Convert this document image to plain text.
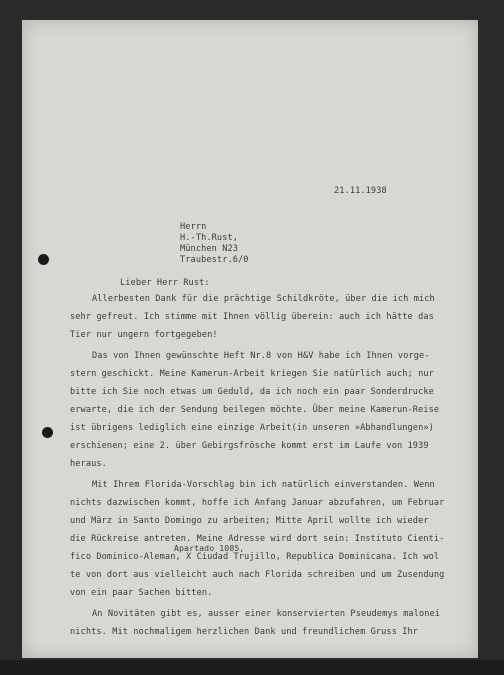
21.11.1938
Herrn
H.-Th.Rust,
München N23
Traubestr.6/0
Lieber Herr Rust:
Allerbesten Dank für die prächtige Schildkröte, über die ich mich
sehr gefreut. Ich stimme mit Ihnen völlig überein: auch ich hätte das
Tier nur ungern fortgegeben!
Das von Ihnen gewünschte Heft Nr.8 von H&V habe ich Ihnen vorge-
stern geschickt. Meine Kamerun-Arbeit kriegen Sie natürlich auch; nur
bitte ich Sie noch etwas um Geduld, da ich noch ein paar Sonderdrucke
erwarte, die ich der Sendung beilegen möchte. Über meine Kamerun-Reise
ist übrigens lediglich eine einzige Arbeit(in unseren »Abhandlungen»)
erschienen; eine 2. über Gebirgsfrösche kommt erst im Laufe von 1939
heraus.
Mit Ihrem Florida-Vorschlag bin ich natürlich einverstanden. Wenn
nichts dazwischen kommt, hoffe ich Anfang Januar abzufahren, um Februar
und März in Santo Domingo zu arbeiten; Mitte April wollte ich wieder
die Rückreise antreten. Meine Adresse wird dort sein: Instituto Cienti-
Apartado 1085,
fico Dominico-Aleman, X Ciudad Trujillo, Republica Dominicana. Ich wol
te von dort aus vielleicht auch nach Florida schreiben und um Zusendung
von ein paar Sachen bitten.
An Novitäten gibt es, ausser einer konservierten Pseudemys malonei
nichts. Mit nochmaligem herzlichen Dank und freundlichem Gruss Ihr
